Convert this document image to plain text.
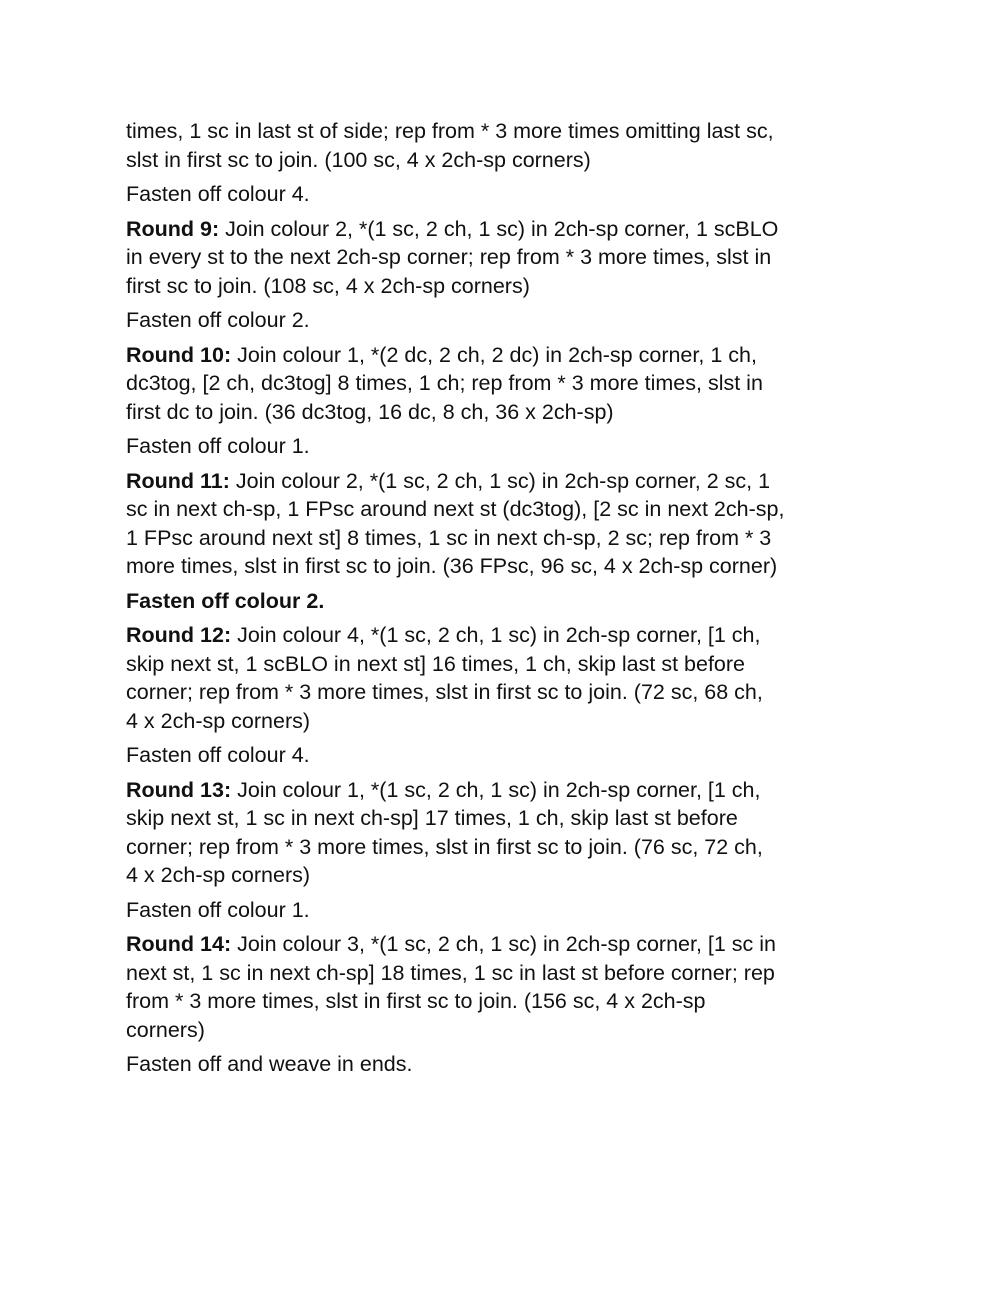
times, 1 sc in last st of side; rep from * 3 more times omitting last sc,
slst in first sc to join. (100 sc, 4 x 2ch-sp corners)
Fasten off colour 4.
Round 9: Join colour 2, *(1 sc, 2 ch, 1 sc) in 2ch-sp corner, 1 scBLO
in every st to the next 2ch-sp corner; rep from * 3 more times, slst in
first sc to join. (108 sc, 4 x 2ch-sp corners)
Fasten off colour 2.
Round 10: Join colour 1, *(2 dc, 2 ch, 2 dc) in 2ch-sp corner, 1 ch,
dc3tog, [2 ch, dc3tog] 8 times, 1 ch; rep from * 3 more times, slst in
first dc to join. (36 dc3tog, 16 dc, 8 ch, 36 x 2ch-sp)
Fasten off colour 1.
Round 11: Join colour 2, *(1 sc, 2 ch, 1 sc) in 2ch-sp corner, 2 sc, 1
sc in next ch-sp, 1 FPsc around next st (dc3tog), [2 sc in next 2ch-sp,
1 FPsc around next st] 8 times, 1 sc in next ch-sp, 2 sc; rep from * 3
more times, slst in first sc to join. (36 FPsc, 96 sc, 4 x 2ch-sp corner)
Fasten off colour 2.
Round 12: Join colour 4, *(1 sc, 2 ch, 1 sc) in 2ch-sp corner, [1 ch,
skip next st, 1 scBLO in next st] 16 times, 1 ch, skip last st before
corner; rep from * 3 more times, slst in first sc to join. (72 sc, 68 ch,
4 x 2ch-sp corners)
Fasten off colour 4.
Round 13: Join colour 1, *(1 sc, 2 ch, 1 sc) in 2ch-sp corner, [1 ch,
skip next st, 1 sc in next ch-sp] 17 times, 1 ch, skip last st before
corner; rep from * 3 more times, slst in first sc to join. (76 sc, 72 ch,
4 x 2ch-sp corners)
Fasten off colour 1.
Round 14: Join colour 3, *(1 sc, 2 ch, 1 sc) in 2ch-sp corner, [1 sc in
next st, 1 sc in next ch-sp] 18 times, 1 sc in last st before corner; rep
from * 3 more times, slst in first sc to join. (156 sc, 4 x 2ch-sp
corners)
Fasten off and weave in ends.
